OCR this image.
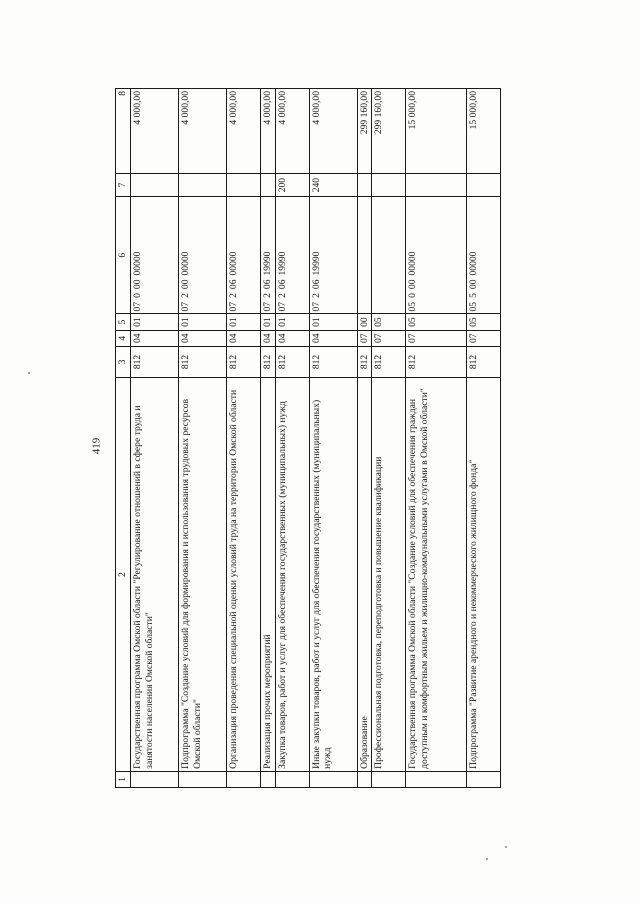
419
1	2	3	4	5	6	7	8
	Государственная программа Омской области "Регулирование отношений в сфере труда и занятости населения Омской области"	812	04	01	0700000000		4 000,00
	Подпрограмма "Создание условий для формирования и использования трудовых ресурсов Омской области"	812	04	01	0720000000		4 000,00
	Организация проведения специальной оценки условий труда на территории Омской области	812	04	01	0720600000		4 000,00
	Реализация прочих мероприятий	812	04	01	0720619990		4 000,00
	Закупка товаров, работ и услуг для обеспечения государственных (муниципальных) нужд	812	04	01	0720619990	200	4 000,00
	Иные закупки товаров, работ и услуг для обеспечения государственных (муниципальных) нужд	812	04	01	0720619990	240	4 000,00
	Образование	812	07	00			299 160,00
	Профессиональная подготовка, переподготовка и повышение квалификации	812	07	05			299 160,00
	Государственная программа Омской области "Создание условий для обеспечения граждан доступным и комфортным жильем и жилищно-коммунальными услугами в Омской области"	812	07	05	0500000000		15 000,00
	Подпрограмма "Развитие арендного и некоммерческого жилищного фонда"	812	07	05	0550000000		15 000,00
